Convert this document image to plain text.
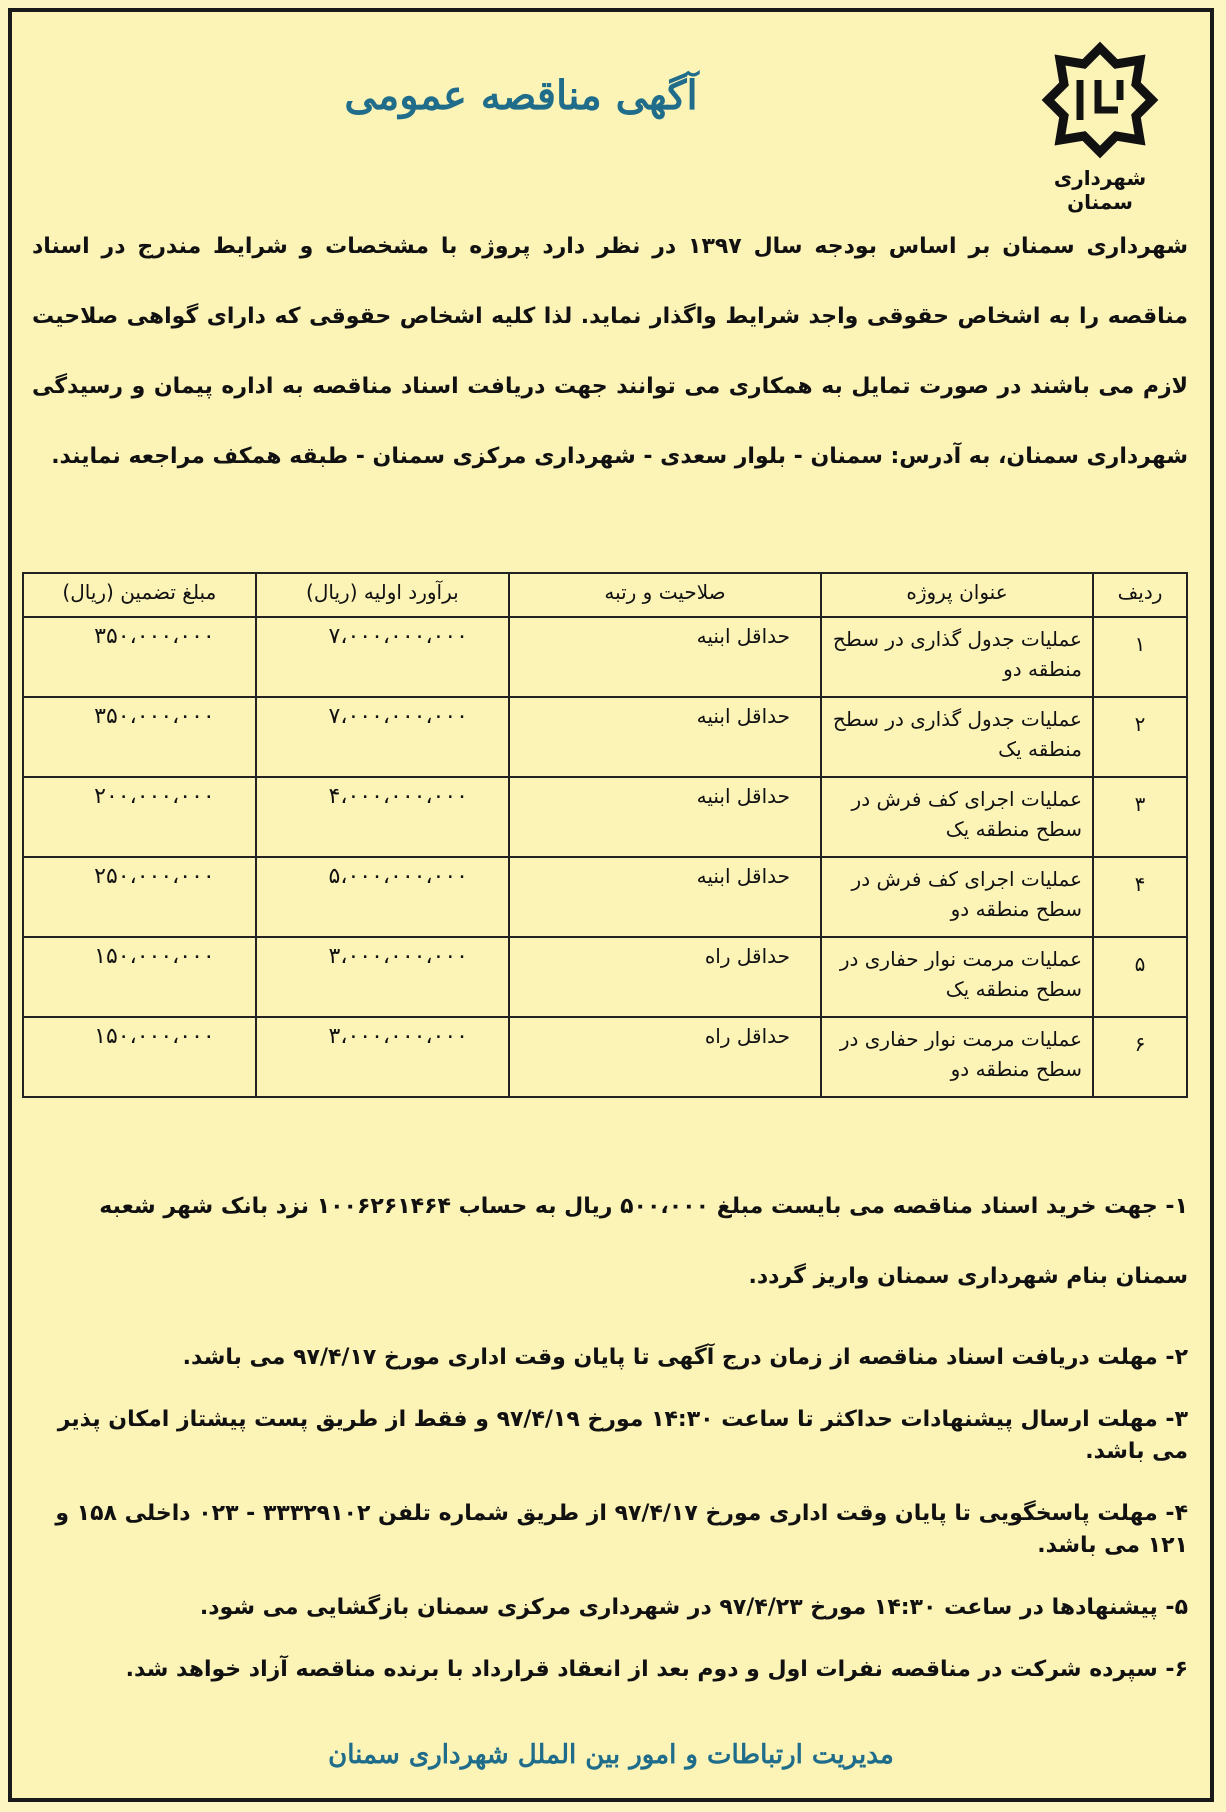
شهرداری سمنان
آگهی مناقصه عمومی
شهرداری سمنان بر اساس بودجه سال ۱۳۹۷ در نظر دارد پروژه با مشخصات و شرایط مندرج در اسناد مناقصه را به اشخاص حقوقی واجد شرایط واگذار نماید. لذا کلیه اشخاص حقوقی که دارای گواهی صلاحیت لازم می باشند در صورت تمایل به همکاری می توانند جهت دریافت اسناد مناقصه به اداره پیمان و رسیدگی شهرداری سمنان، به آدرس: سمنان - بلوار سعدی - شهرداری مرکزی سمنان - طبقه همکف مراجعه نمایند.
ردیف	عنوان پروژه	صلاحیت و رتبه	برآورد اولیه (ریال)	مبلغ تضمین (ریال)
۱	عملیات جدول گذاری در سطح منطقه دو	حداقل ابنیه	۷،۰۰۰،۰۰۰،۰۰۰	۳۵۰،۰۰۰،۰۰۰
۲	عملیات جدول گذاری در سطح منطقه یک	حداقل ابنیه	۷،۰۰۰،۰۰۰،۰۰۰	۳۵۰،۰۰۰،۰۰۰
۳	عملیات اجرای کف فرش در سطح منطقه یک	حداقل ابنیه	۴،۰۰۰،۰۰۰،۰۰۰	۲۰۰،۰۰۰،۰۰۰
۴	عملیات اجرای کف فرش در سطح منطقه دو	حداقل ابنیه	۵،۰۰۰،۰۰۰،۰۰۰	۲۵۰،۰۰۰،۰۰۰
۵	عملیات مرمت نوار حفاری در سطح منطقه یک	حداقل راه	۳،۰۰۰،۰۰۰،۰۰۰	۱۵۰،۰۰۰،۰۰۰
۶	عملیات مرمت نوار حفاری در سطح منطقه دو	حداقل راه	۳،۰۰۰،۰۰۰،۰۰۰	۱۵۰،۰۰۰،۰۰۰

۱- جهت خرید اسناد مناقصه می بایست مبلغ ۵۰۰،۰۰۰ ریال به حساب ۱۰۰۶۲۶۱۴۶۴ نزد بانک شهر شعبه سمنان بنام شهرداری سمنان واریز گردد.

۲- مهلت دریافت اسناد مناقصه از زمان درج آگهی تا پایان وقت اداری مورخ ۹۷/۴/۱۷ می باشد.

۳- مهلت ارسال پیشنهادات حداکثر تا ساعت ۱۴:۳۰ مورخ ۹۷/۴/۱۹ و فقط از طریق پست پیشتاز امکان پذیر می باشد.

۴- مهلت پاسخگویی تا پایان وقت اداری مورخ ۹۷/۴/۱۷ از طریق شماره تلفن ۳۳۳۲۹۱۰۲ - ۰۲۳ داخلی ۱۵۸ و ۱۲۱ می باشد.

۵- پیشنهادها در ساعت ۱۴:۳۰ مورخ ۹۷/۴/۲۳ در شهرداری مرکزی سمنان بازگشایی می شود.

۶- سپرده شرکت در مناقصه نفرات اول و دوم بعد از انعقاد قرارداد با برنده مناقصه آزاد خواهد شد.

مدیریت ارتباطات و امور بین الملل شهرداری سمنان
